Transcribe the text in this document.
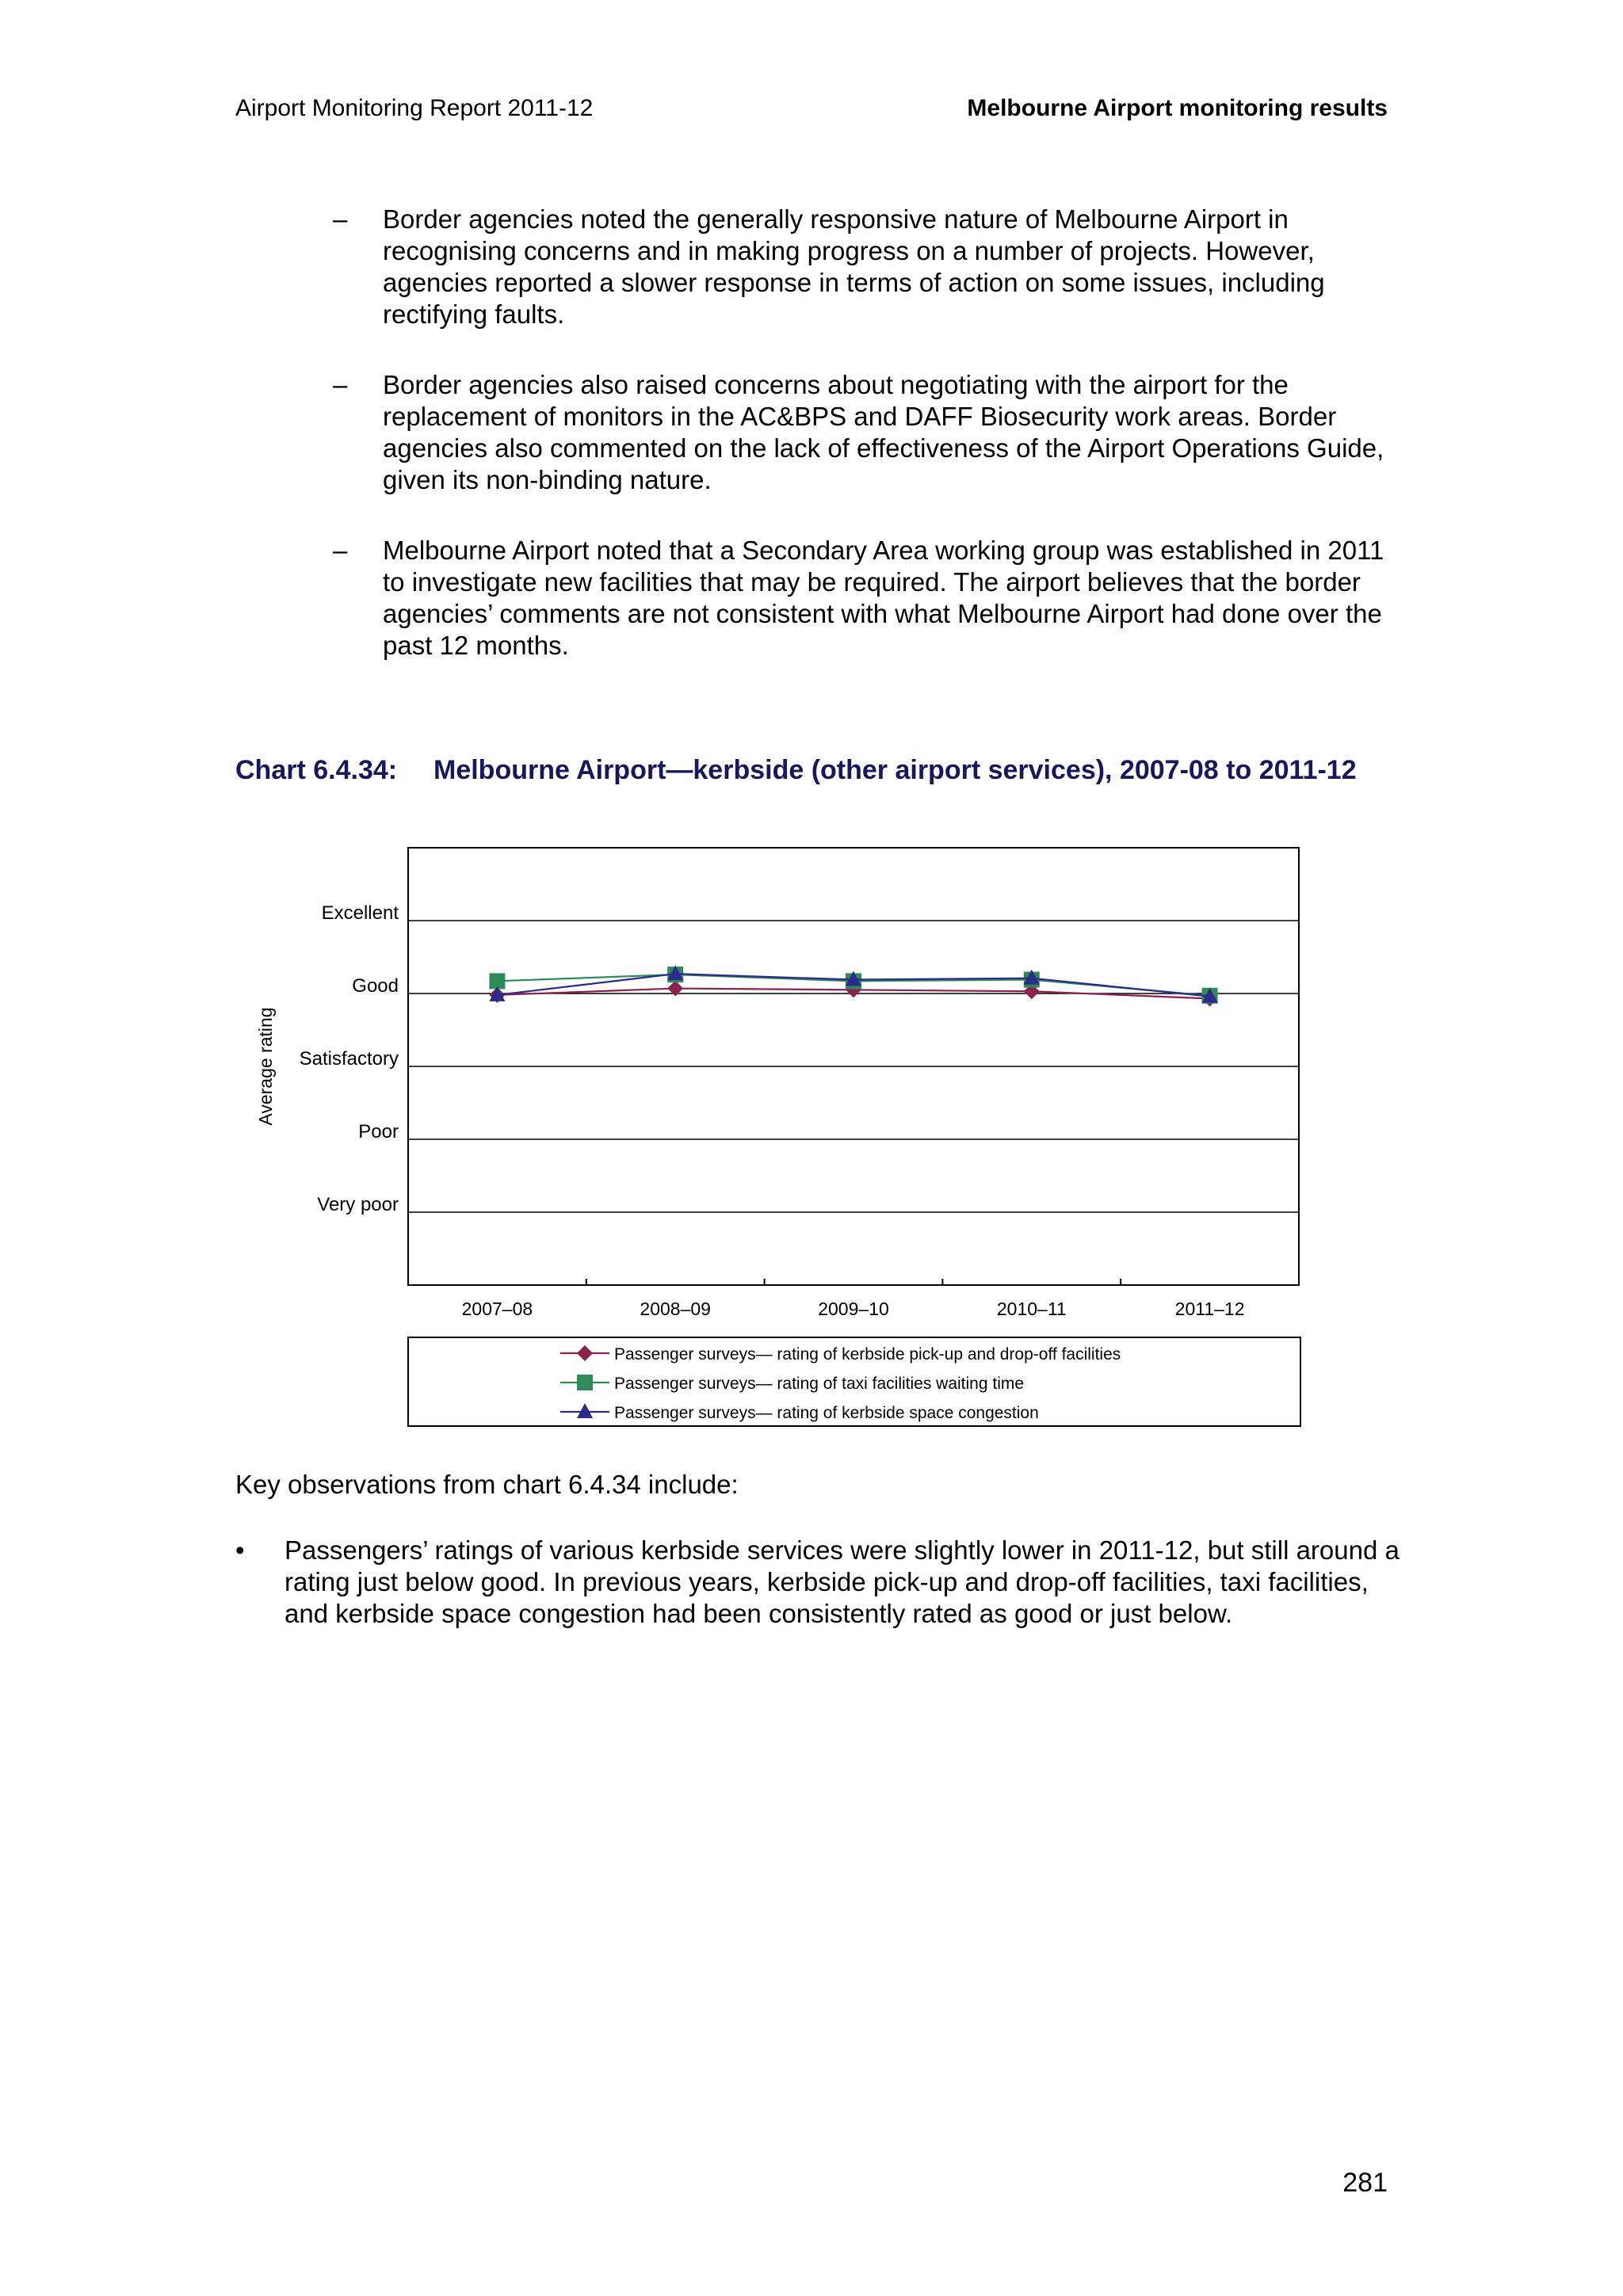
Airport Monitoring Report 2011-12	Melbourne Airport monitoring results
– Border agencies noted the generally responsive nature of Melbourne Airport in recognising concerns and in making progress on a number of projects. However, agencies reported a slower response in terms of action on some issues, including rectifying faults.
– Border agencies also raised concerns about negotiating with the airport for the replacement of monitors in the AC&BPS and DAFF Biosecurity work areas. Border agencies also commented on the lack of effectiveness of the Airport Operations Guide, given its non-binding nature.
– Melbourne Airport noted that a Secondary Area working group was established in 2011 to investigate new facilities that may be required. The airport believes that the border agencies’ comments are not consistent with what Melbourne Airport had done over the past 12 months.
Chart 6.4.34: Melbourne Airport—kerbside (other airport services), 2007-08 to 2011-12
Very poor
Poor
Satisfactory
Good
Excellent
Average rating
2007–08	2008–09	2009–10	2010–11	2011–12
Passenger surveys— rating of kerbside pick-up and drop-off facilities
Passenger surveys— rating of taxi facilities waiting time
Passenger surveys— rating of kerbside space congestion
Key observations from chart 6.4.34 include:
• Passengers’ ratings of various kerbside services were slightly lower in 2011-12, but still around a rating just below good. In previous years, kerbside pick-up and drop-off facilities, taxi facilities, and kerbside space congestion had been consistently rated as good or just below.
281
